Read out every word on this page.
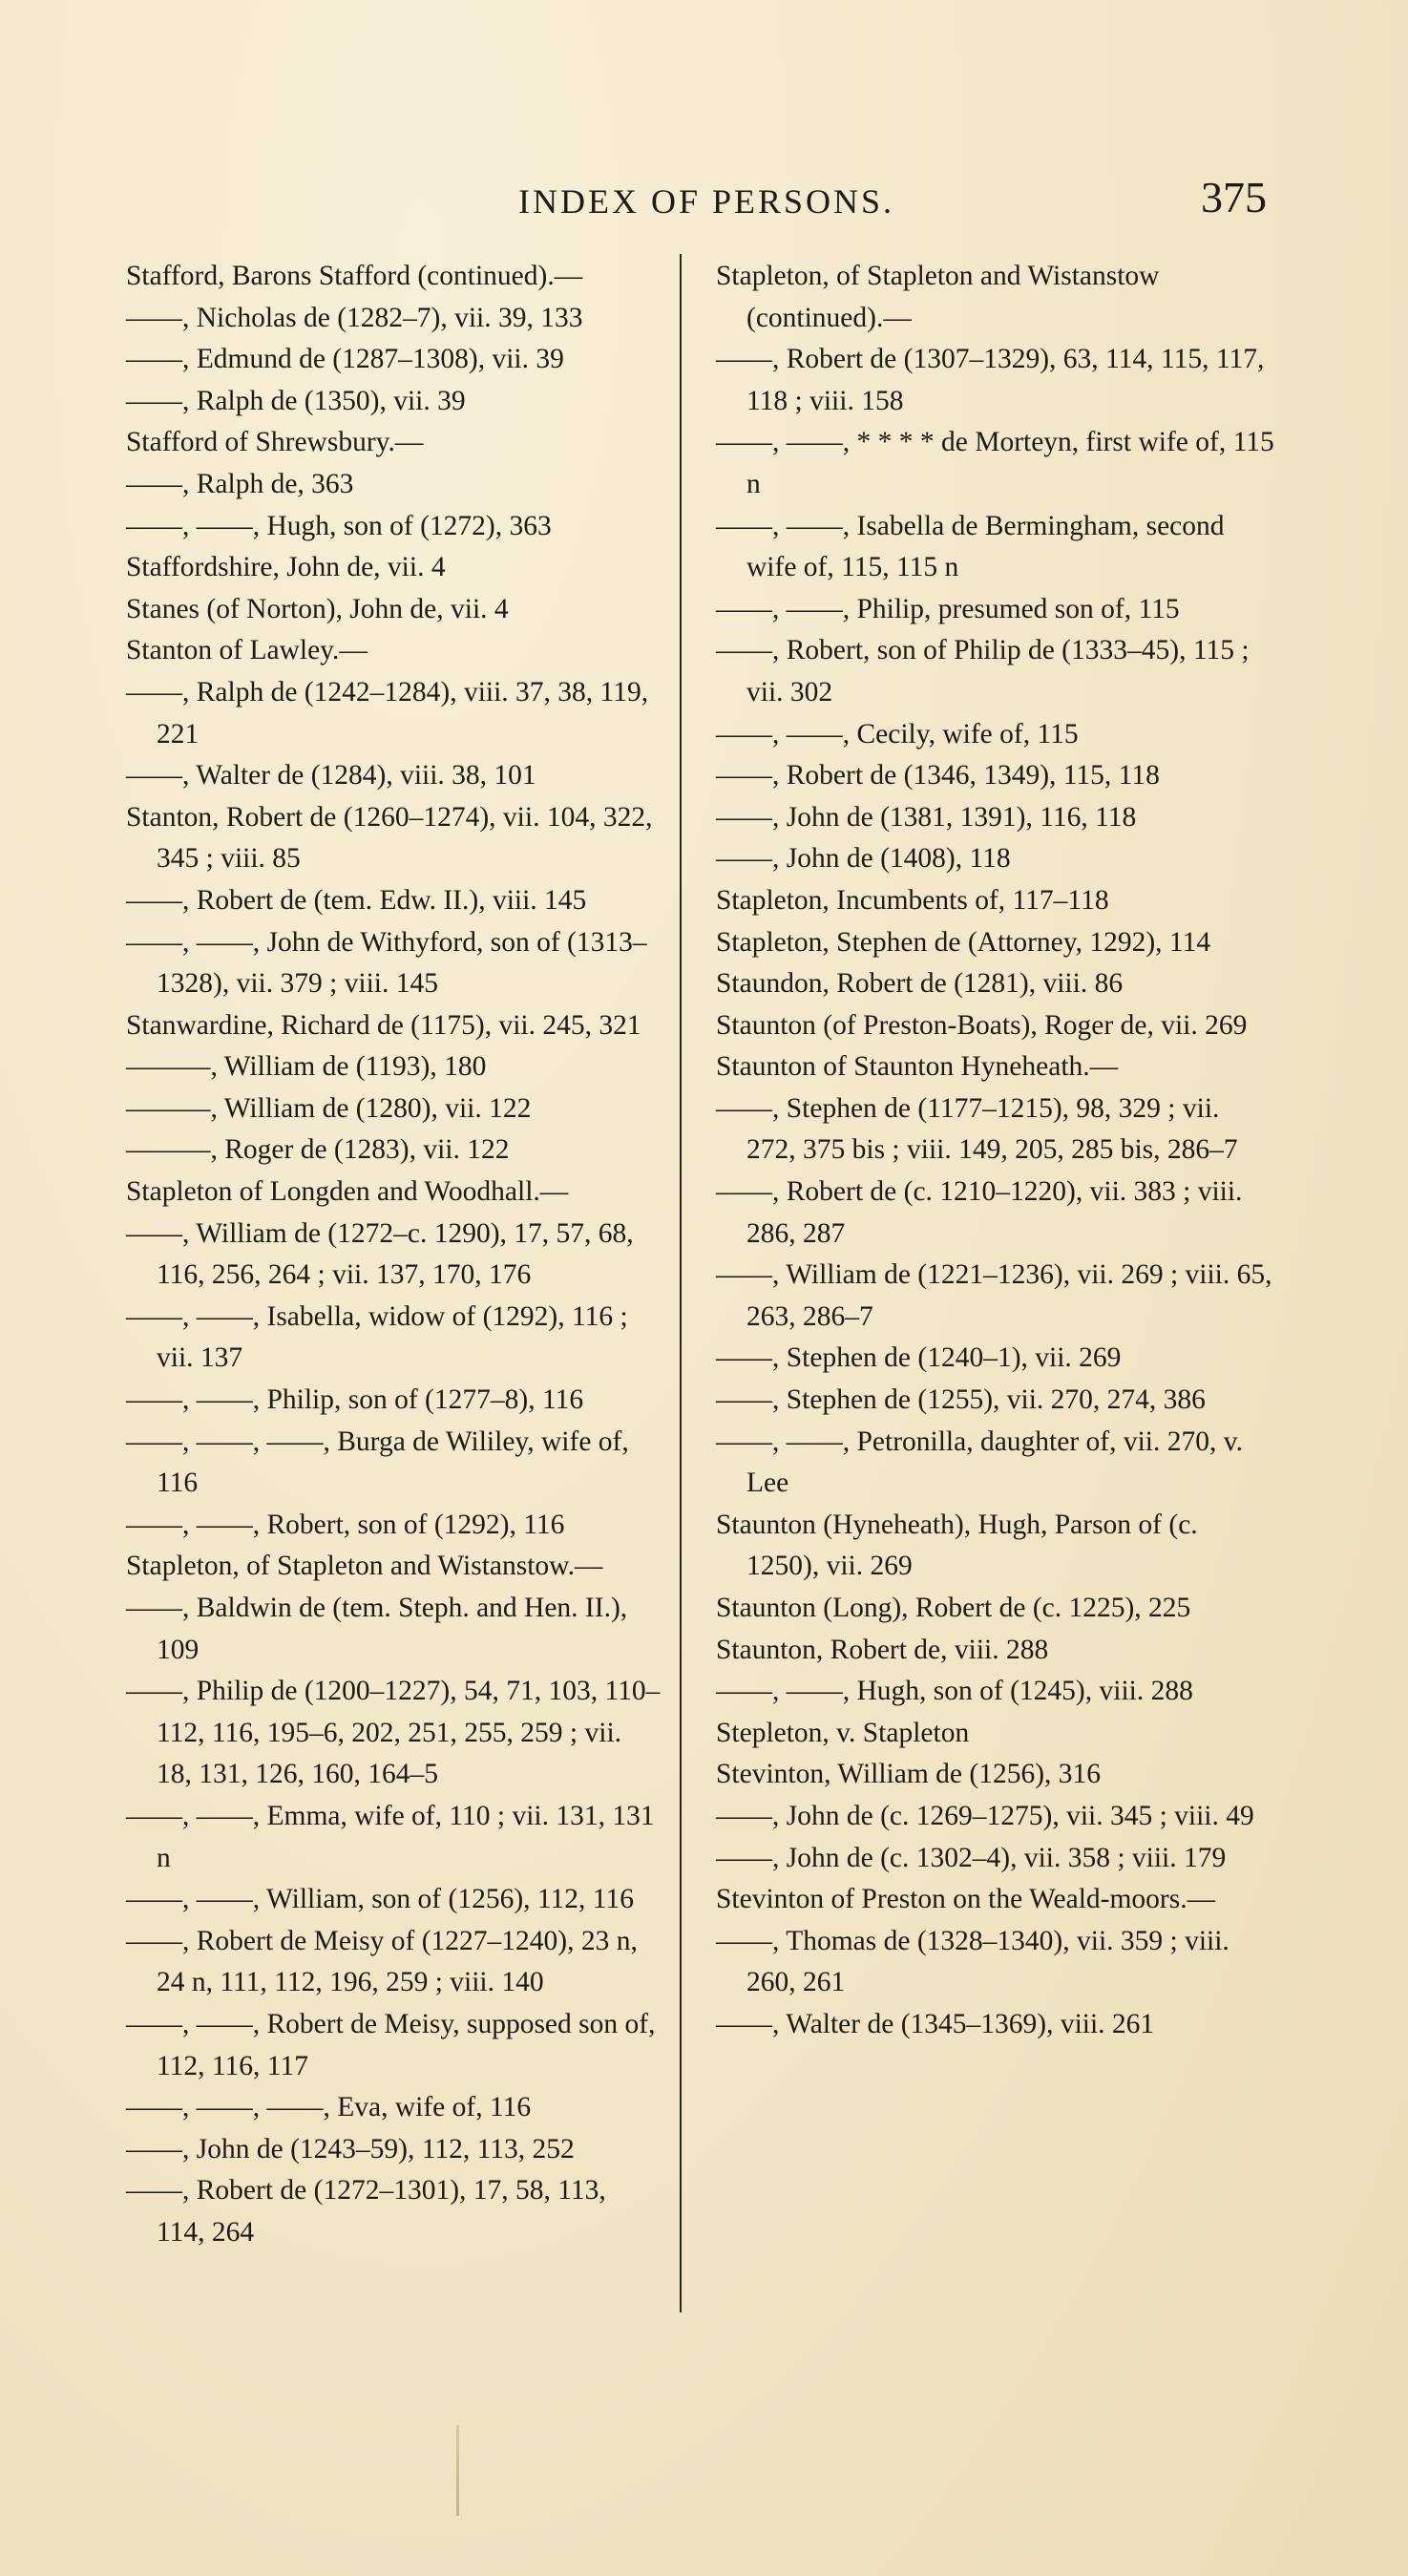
INDEX OF PERSONS.	375
Stafford, Barons Stafford (continued).—
——, Nicholas de (1282–7), vii. 39, 133
——, Edmund de (1287–1308), vii. 39
——, Ralph de (1350), vii. 39
Stafford of Shrewsbury.—
——, Ralph de, 363
——, ——, Hugh, son of (1272), 363
Staffordshire, John de, vii. 4
Stanes (of Norton), John de, vii. 4
Stanton of Lawley.—
——, Ralph de (1242–1284), viii. 37, 38, 119, 221
——, Walter de (1284), viii. 38, 101
Stanton, Robert de (1260–1274), vii. 104, 322, 345 ; viii. 85
——, Robert de (tem. Edw. II.), viii. 145
——, ——, John de Withyford, son of (1313–1328), vii. 379 ; viii. 145
Stanwardine, Richard de (1175), vii. 245, 321
———, William de (1193), 180
———, William de (1280), vii. 122
———, Roger de (1283), vii. 122
Stapleton of Longden and Woodhall.—
——, William de (1272–c. 1290), 17, 57, 68, 116, 256, 264 ; vii. 137, 170, 176
——, ——, Isabella, widow of (1292), 116 ; vii. 137
——, ——, Philip, son of (1277–8), 116
——, ——, ——, Burga de Wililey, wife of, 116
——, ——, Robert, son of (1292), 116
Stapleton, of Stapleton and Wistanstow.—
——, Baldwin de (tem. Steph. and Hen. II.), 109
——, Philip de (1200–1227), 54, 71, 103, 110–112, 116, 195–6, 202, 251, 255, 259 ; vii. 18, 131, 126, 160, 164–5
——, ——, Emma, wife of, 110 ; vii. 131, 131 n
——, ——, William, son of (1256), 112, 116
——, Robert de Meisy of (1227–1240), 23 n, 24 n, 111, 112, 196, 259 ; viii. 140
——, ——, Robert de Meisy, supposed son of, 112, 116, 117
——, ——, ——, Eva, wife of, 116
——, John de (1243–59), 112, 113, 252
——, Robert de (1272–1301), 17, 58, 113, 114, 264
Stapleton, of Stapleton and Wistanstow (continued).—
——, Robert de (1307–1329), 63, 114, 115, 117, 118 ; viii. 158
——, ——, * * * * de Morteyn, first wife of, 115 n
——, ——, Isabella de Bermingham, second wife of, 115, 115 n
——, ——, Philip, presumed son of, 115
——, Robert, son of Philip de (1333–45), 115 ; vii. 302
——, ——, Cecily, wife of, 115
——, Robert de (1346, 1349), 115, 118
——, John de (1381, 1391), 116, 118
——, John de (1408), 118
Stapleton, Incumbents of, 117–118
Stapleton, Stephen de (Attorney, 1292), 114
Staundon, Robert de (1281), viii. 86
Staunton (of Preston-Boats), Roger de, vii. 269
Staunton of Staunton Hyneheath.—
——, Stephen de (1177–1215), 98, 329 ; vii. 272, 375 bis ; viii. 149, 205, 285 bis, 286–7
——, Robert de (c. 1210–1220), vii. 383 ; viii. 286, 287
——, William de (1221–1236), vii. 269 ; viii. 65, 263, 286–7
——, Stephen de (1240–1), vii. 269
——, Stephen de (1255), vii. 270, 274, 386
——, ——, Petronilla, daughter of, vii. 270, v. Lee
Staunton (Hyneheath), Hugh, Parson of (c. 1250), vii. 269
Staunton (Long), Robert de (c. 1225), 225
Staunton, Robert de, viii. 288
——, ——, Hugh, son of (1245), viii. 288
Stepleton, v. Stapleton
Stevinton, William de (1256), 316
——, John de (c. 1269–1275), vii. 345 ; viii. 49
——, John de (c. 1302–4), vii. 358 ; viii. 179
Stevinton of Preston on the Weald-moors.—
——, Thomas de (1328–1340), vii. 359 ; viii. 260, 261
——, Walter de (1345–1369), viii. 261
